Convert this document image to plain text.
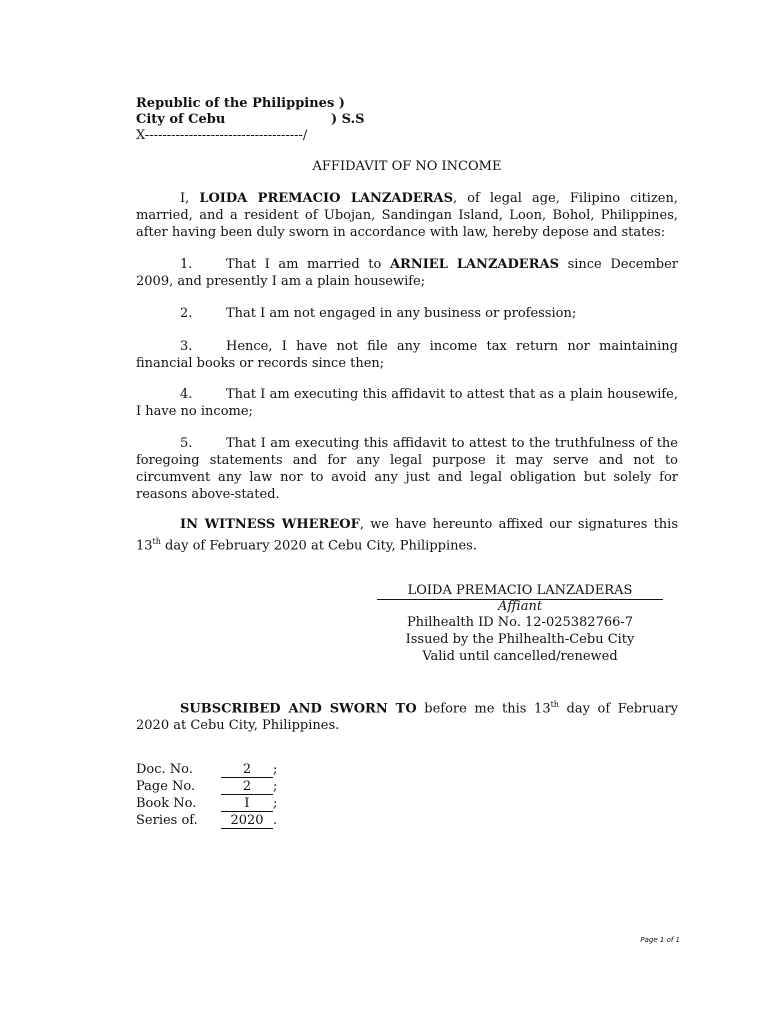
Republic of the Philippines )
City of Cebu	) S.S
X------------------------------------/
AFFIDAVIT OF NO INCOME
I, LOIDA PREMACIO LANZADERAS, of legal age, Filipino citizen, married, and a resident of Ubojan, Sandingan Island, Loon, Bohol, Philippines, after having been duly sworn in accordance with law, hereby depose and states:
1.	That I am married to ARNIEL LANZADERAS since December 2009, and presently I am a plain housewife;
2.	That I am not engaged in any business or profession;
3.	Hence, I have not file any income tax return nor maintaining financial books or records since then;
4.	That I am executing this affidavit to attest that as a plain housewife, I have no income;
5.	That I am executing this affidavit to attest to the truthfulness of the foregoing statements and for any legal purpose it may serve and not to circumvent any law nor to avoid any just and legal obligation but solely for reasons above-stated.
IN WITNESS WHEREOF, we have hereunto affixed our signatures this 13th day of February 2020 at Cebu City, Philippines.
LOIDA PREMACIO LANZADERAS
Affiant
Philhealth ID No. 12-025382766-7
Issued by the Philhealth-Cebu City
Valid until cancelled/renewed
SUBSCRIBED AND SWORN TO before me this 13th day of February 2020 at Cebu City, Philippines.
Doc. No.	2 ;
Page No.	2 ;
Book No.	I ;
Series of.	2020 .
Page 1 of 1
